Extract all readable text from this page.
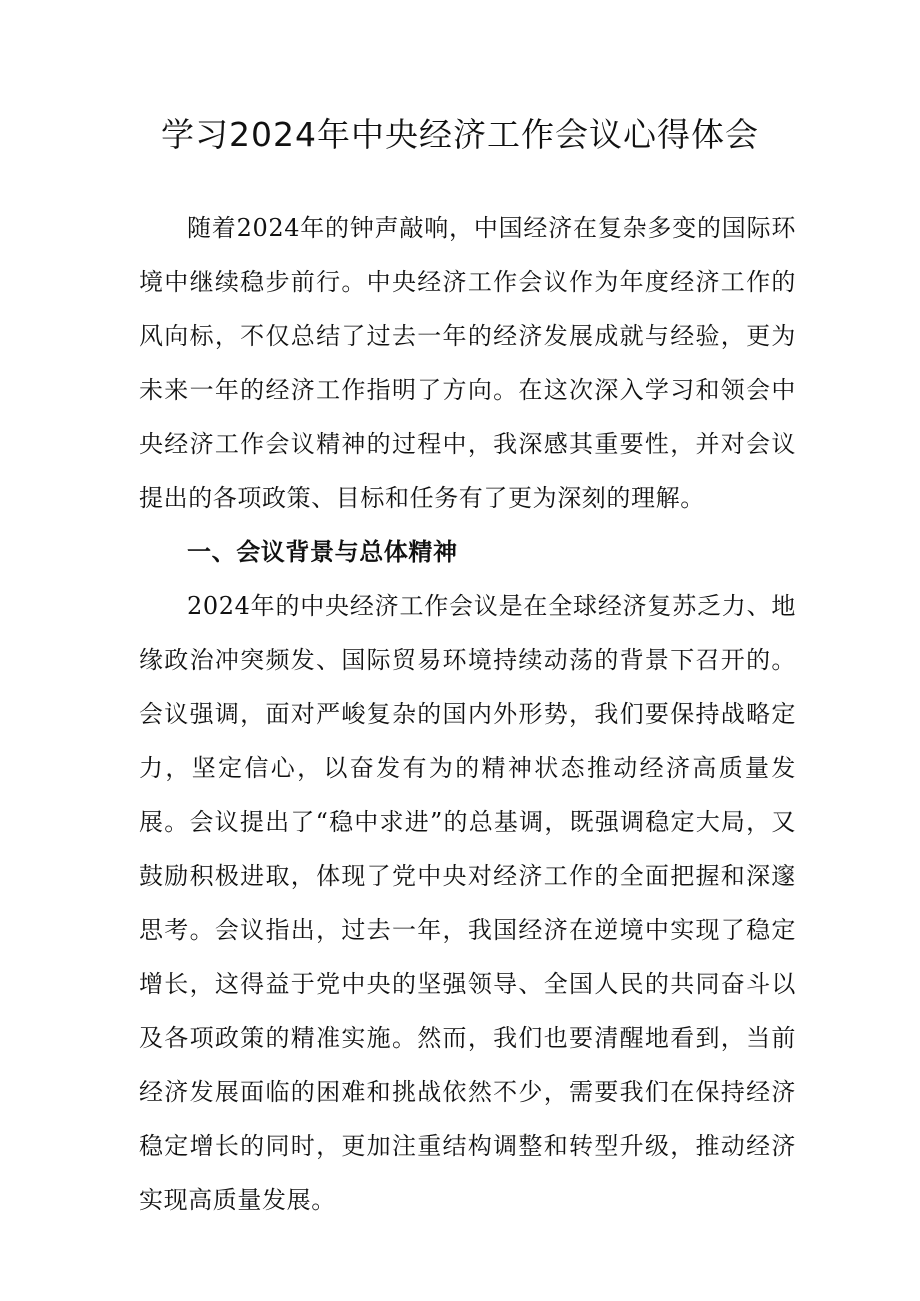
学习2024年中央经济工作会议心得体会

随着2024年的钟声敲响，中国经济在复杂多变的国际环境中继续稳步前行。中央经济工作会议作为年度经济工作的风向标，不仅总结了过去一年的经济发展成就与经验，更为未来一年的经济工作指明了方向。在这次深入学习和领会中央经济工作会议精神的过程中，我深感其重要性，并对会议提出的各项政策、目标和任务有了更为深刻的理解。

一、会议背景与总体精神

2024年的中央经济工作会议是在全球经济复苏乏力、地缘政治冲突频发、国际贸易环境持续动荡的背景下召开的。会议强调，面对严峻复杂的国内外形势，我们要保持战略定力，坚定信心，以奋发有为的精神状态推动经济高质量发展。会议提出了“稳中求进”的总基调，既强调稳定大局，又鼓励积极进取，体现了党中央对经济工作的全面把握和深邃思考。会议指出，过去一年，我国经济在逆境中实现了稳定增长，这得益于党中央的坚强领导、全国人民的共同奋斗以及各项政策的精准实施。然而，我们也要清醒地看到，当前经济发展面临的困难和挑战依然不少，需要我们在保持经济稳定增长的同时，更加注重结构调整和转型升级，推动经济实现高质量发展。
